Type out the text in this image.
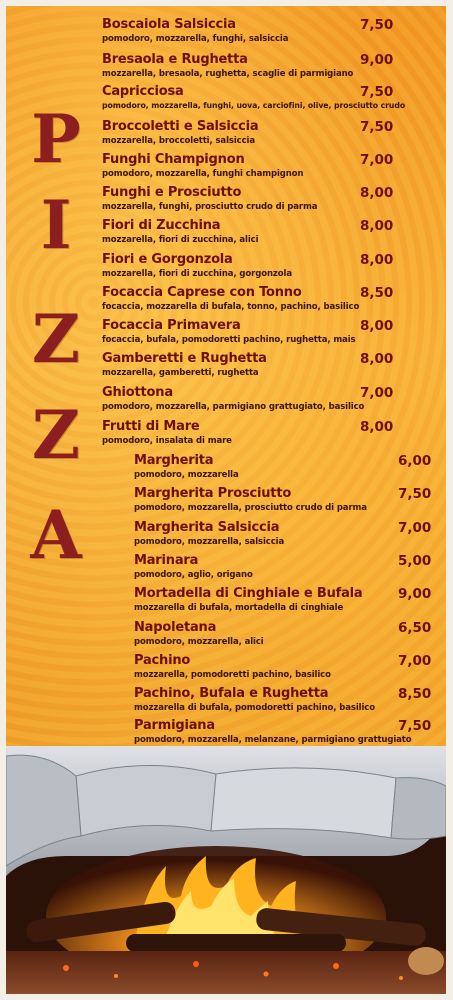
P
I
Z
Z
A
Boscaiola Salsiccia
pomodoro, mozzarella, funghi, salsiccia
7,50
Bresaola e Rughetta
mozzarella, bresaola, rughetta, scaglie di parmigiano
9,00
Capricciosa
pomodoro, mozzarella, funghi, uova, carciofini, olive, prosciutto crudo
7,50
Broccoletti e Salsiccia
mozzarella, broccoletti, salsiccia
7,50
Funghi Champignon
pomodoro, mozzarella, funghi champignon
7,00
Funghi e Prosciutto
mozzarella, funghi, prosciutto crudo di parma
8,00
Fiori di Zucchina
mozzarella, fiori di zucchina, alici
8,00
Fiori e Gorgonzola
mozzarella, fiori di zucchina, gorgonzola
8,00
Focaccia Caprese con Tonno
focaccia, mozzarella di bufala, tonno, pachino, basilico
8,50
Focaccia Primavera
focaccia, bufala, pomodoretti pachino, rughetta, mais
8,00
Gamberetti e Rughetta
mozzarella, gamberetti, rughetta
8,00
Ghiottona
pomodoro, mozzarella, parmigiano grattugiato, basilico
7,00
Frutti di Mare
pomodoro, insalata di mare
8,00
Margherita
pomodoro, mozzarella
6,00
Margherita Prosciutto
pomodoro, mozzarella, prosciutto crudo di parma
7,50
Margherita Salsiccia
pomodoro, mozzarella, salsiccia
7,00
Marinara
pomodoro, aglio, origano
5,00
Mortadella di Cinghiale e Bufala
mozzarella di bufala, mortadella di cinghiale
9,00
Napoletana
pomodoro, mozzarella, alici
6,50
Pachino
mozzarella, pomodoretti pachino, basilico
7,00
Pachino, Bufala e Rughetta
mozzarella di bufala, pomodoretti pachino, basilico
8,50
Parmigiana
pomodoro, mozzarella, melanzane, parmigiano grattugiato
7,50
